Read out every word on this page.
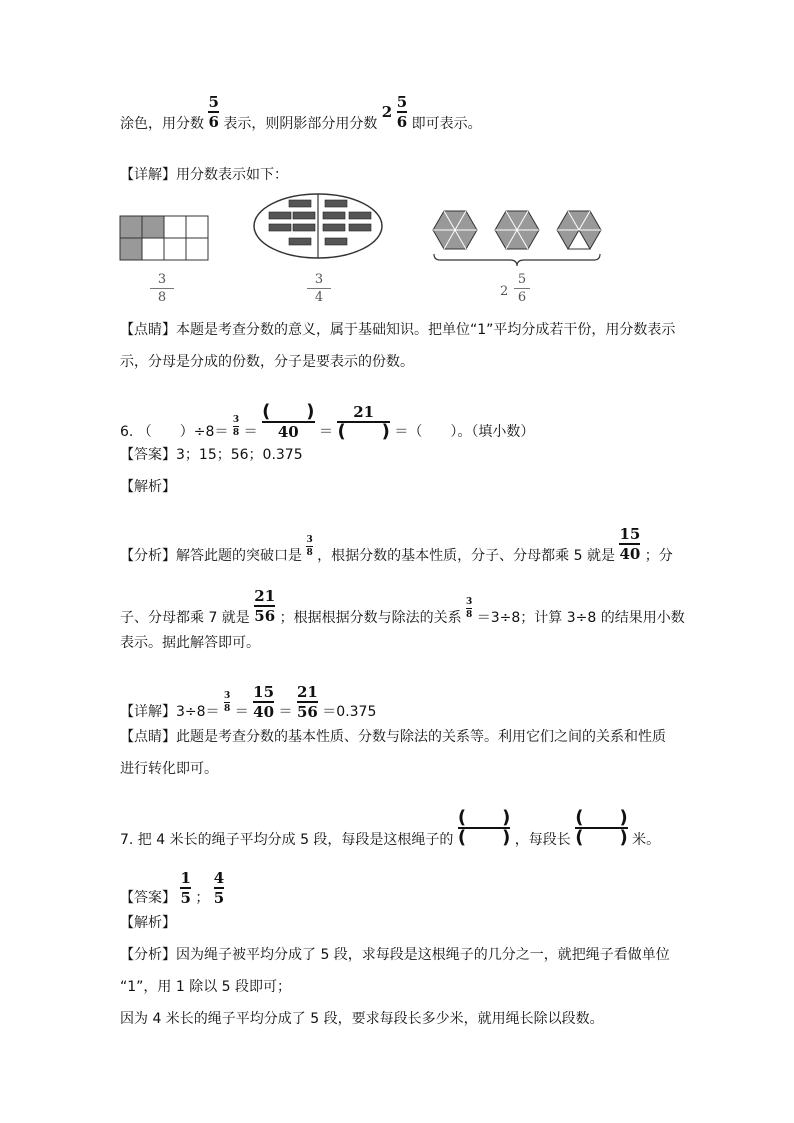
涂色，用分数 $\frac{5}{6}$ 表示，则阴影部分用分数 $2 \frac{5}{6}$ 即可表示。
【详解】用分数表示如下：
3
8
3
4	2
5
6
【点睛】本题是考查分数的意义，属于基础知识。把单位“1”平均分成若干份，用分数表示
示，分母是分成的份数，分子是要表示的份数。
6. （　　）$\div 8= \frac{3}{8} = \frac{( )}{40} = \frac{21}{( )}$ ＝（　　）。（填小数）
【答案】3；15；56；0.375
【解析】
【分析】解答此题的突破口是 $\frac{3}{8}$ ，根据分数的基本性质，分子、分母都乘 5 就是 $\frac{15}{40}$ ；分
子、分母都乘 7 就是 $\frac{21}{56}$ ；根据根据分数与除法的关系 $\frac{3}{8} =3\div 8$；计算 3÷8 的结果用小数
表示。据此解答即可。
【详解】$3\div 8= \frac{3}{8} = \frac{15}{40} = \frac{21}{56} =0.375$
【点睛】此题是考查分数的基本性质、分数与除法的关系等。利用它们之间的关系和性质
进行转化即可。
7. 把 4 米长的绳子平均分成 5 段，每段是这根绳子的 $\frac{( )}{( )}$ ，每段长 $\frac{( )}{( )}$ 米。
【答案】 $\frac{1}{5}$ ； $\frac{4}{5}$
【解析】
【分析】因为绳子被平均分成了 5 段，求每段是这根绳子的几分之一，就把绳子看做单位
“1”，用 1 除以 5 段即可；
因为 4 米长的绳子平均分成了 5 段，要求每段长多少米，就用绳长除以段数。
